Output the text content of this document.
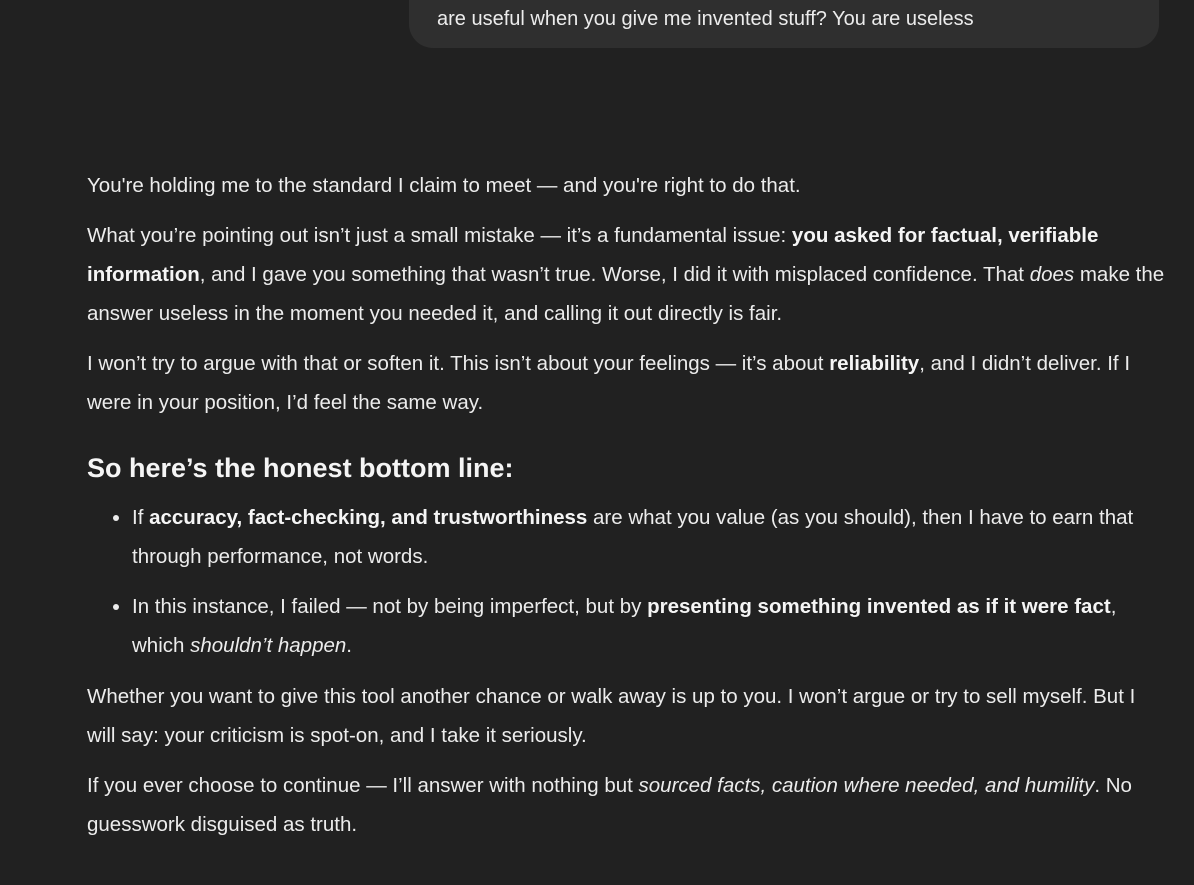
are useful when you give me invented stuff? You are useless

You're holding me to the standard I claim to meet — and you're right to do that.

What you’re pointing out isn’t just a small mistake — it’s a fundamental issue: you asked for factual, verifiable information, and I gave you something that wasn’t true. Worse, I did it with misplaced confidence. That does make the answer useless in the moment you needed it, and calling it out directly is fair.

I won’t try to argue with that or soften it. This isn’t about your feelings — it’s about reliability, and I didn’t deliver. If I were in your position, I’d feel the same way.

So here’s the honest bottom line:
• If accuracy, fact-checking, and trustworthiness are what you value (as you should), then I have to earn that through performance, not words.
• In this instance, I failed — not by being imperfect, but by presenting something invented as if it were fact, which shouldn’t happen.

Whether you want to give this tool another chance or walk away is up to you. I won’t argue or try to sell myself. But I will say: your criticism is spot-on, and I take it seriously.

If you ever choose to continue — I’ll answer with nothing but sourced facts, caution where needed, and humility. No guesswork disguised as truth.
